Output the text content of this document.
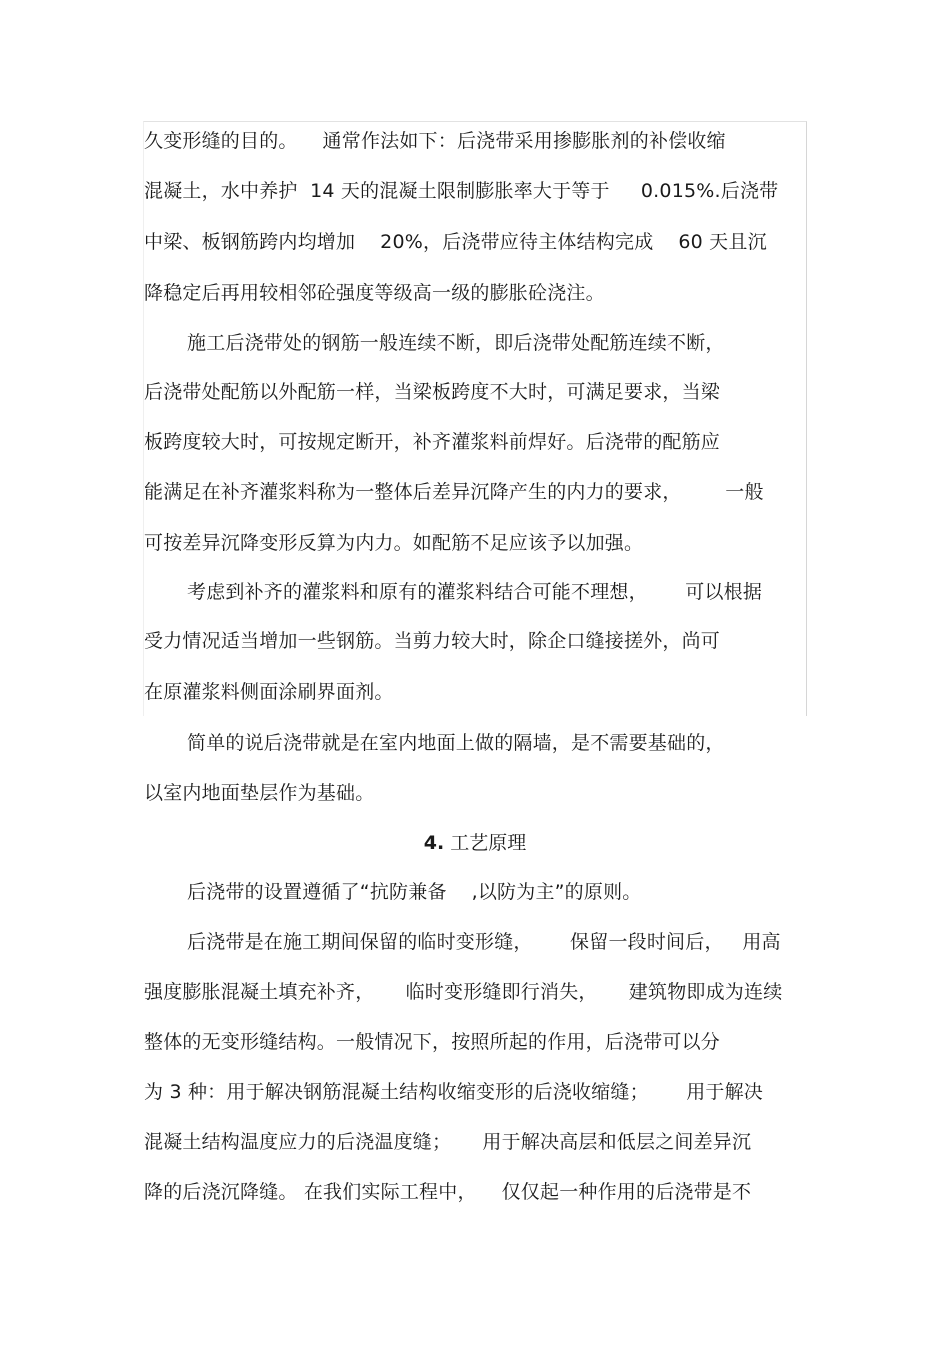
久变形缝的目的。    通常作法如下：后浇带采用掺膨胀剂的补偿收缩
混凝土，水中养护  14 天的混凝土限制膨胀率大于等于     0.015%.后浇带
中梁、板钢筋跨内均增加    20%，后浇带应待主体结构完成    60 天且沉
降稳定后再用较相邻砼强度等级高一级的膨胀砼浇注。
施工后浇带处的钢筋一般连续不断，即后浇带处配筋连续不断，
后浇带处配筋以外配筋一样，当梁板跨度不大时，可满足要求，当梁
板跨度较大时，可按规定断开，补齐灌浆料前焊好。后浇带的配筋应
能满足在补齐灌浆料称为一整体后差异沉降产生的内力的要求，       一般
可按差异沉降变形反算为内力。如配筋不足应该予以加强。
考虑到补齐的灌浆料和原有的灌浆料结合可能不理想，      可以根据
受力情况适当增加一些钢筋。当剪力较大时，除企口缝接搓外，尚可
在原灌浆料侧面涂刷界面剂。
简单的说后浇带就是在室内地面上做的隔墙，是不需要基础的，
以室内地面垫层作为基础。
4. 工艺原理
后浇带的设置遵循了“抗防兼备    ,以防为主”的原则。
后浇带是在施工期间保留的临时变形缝，      保留一段时间后，   用高
强度膨胀混凝土填充补齐，     临时变形缝即行消失，     建筑物即成为连续
整体的无变形缝结构。一般情况下，按照所起的作用，后浇带可以分
为 3 种：用于解决钢筋混凝土结构收缩变形的后浇收缩缝；      用于解决
混凝土结构温度应力的后浇温度缝；     用于解决高层和低层之间差异沉
降的后浇沉降缝。 在我们实际工程中，    仅仅起一种作用的后浇带是不
